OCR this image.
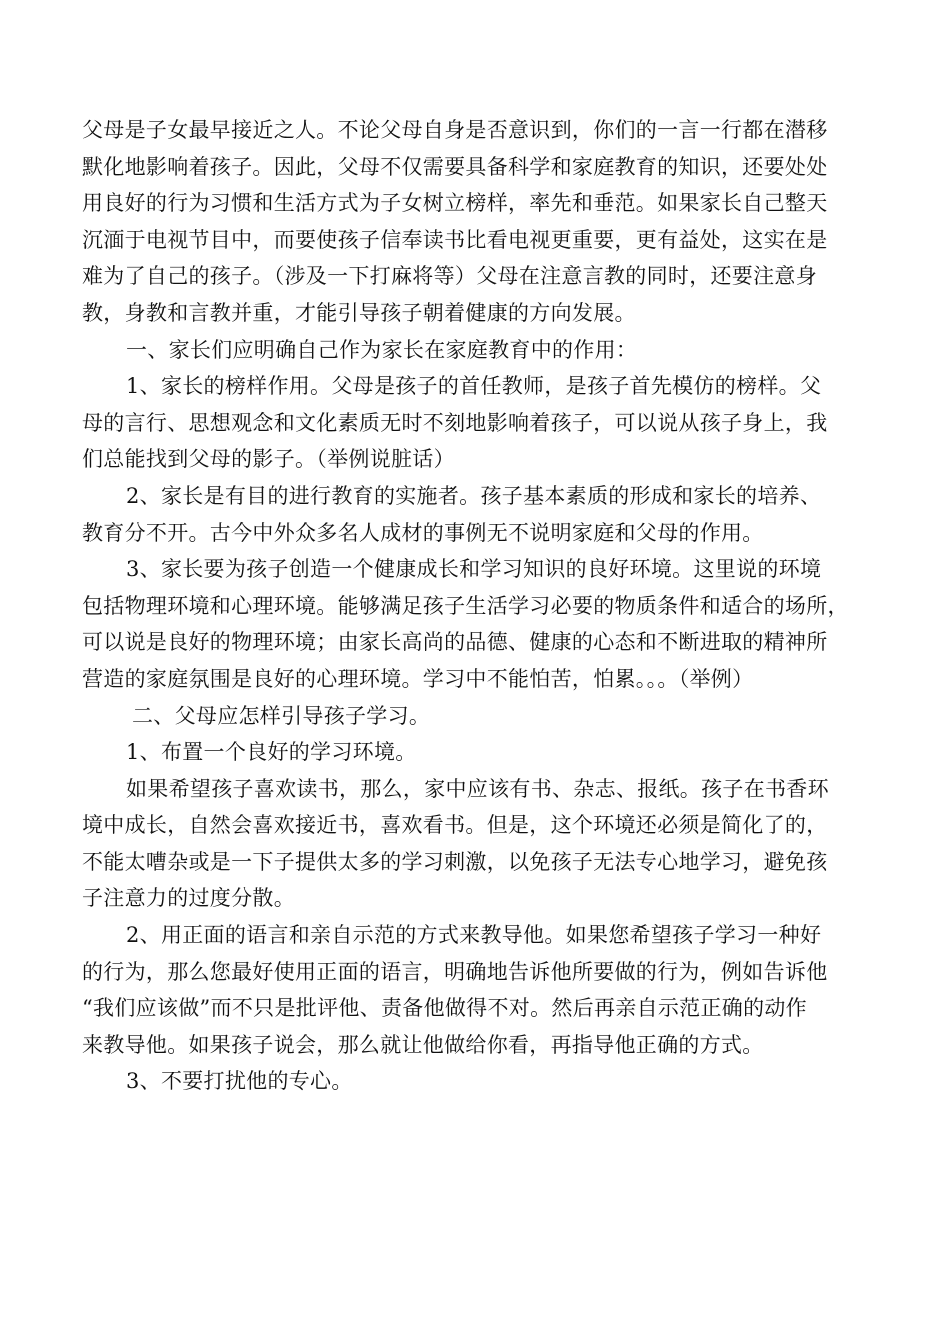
父母是子女最早接近之人。不论父母自身是否意识到，你们的一言一行都在潜移
默化地影响着孩子。因此，父母不仅需要具备科学和家庭教育的知识，还要处处
用良好的行为习惯和生活方式为子女树立榜样，率先和垂范。如果家长自己整天
沉湎于电视节目中，而要使孩子信奉读书比看电视更重要，更有益处，这实在是
难为了自己的孩子。（涉及一下打麻将等）父母在注意言教的同时，还要注意身
教，身教和言教并重，才能引导孩子朝着健康的方向发展。
一、家长们应明确自己作为家长在家庭教育中的作用：
1、家长的榜样作用。父母是孩子的首任教师，是孩子首先模仿的榜样。父
母的言行、思想观念和文化素质无时不刻地影响着孩子，可以说从孩子身上，我
们总能找到父母的影子。（举例说脏话）
2、家长是有目的进行教育的实施者。孩子基本素质的形成和家长的培养、
教育分不开。古今中外众多名人成材的事例无不说明家庭和父母的作用。
3、家长要为孩子创造一个健康成长和学习知识的良好环境。这里说的环境
包括物理环境和心理环境。能够满足孩子生活学习必要的物质条件和适合的场所，
可以说是良好的物理环境；由家长高尚的品德、健康的心态和不断进取的精神所
营造的家庭氛围是良好的心理环境。学习中不能怕苦，怕累。。。（举例）
二、父母应怎样引导孩子学习。
1、布置一个良好的学习环境。
如果希望孩子喜欢读书，那么，家中应该有书、杂志、报纸。孩子在书香环
境中成长，自然会喜欢接近书，喜欢看书。但是，这个环境还必须是简化了的，
不能太嘈杂或是一下子提供太多的学习刺激，以免孩子无法专心地学习，避免孩
子注意力的过度分散。
2、用正面的语言和亲自示范的方式来教导他。如果您希望孩子学习一种好
的行为，那么您最好使用正面的语言，明确地告诉他所要做的行为，例如告诉他
“我们应该做”而不只是批评他、责备他做得不对。然后再亲自示范正确的动作
来教导他。如果孩子说会，那么就让他做给你看，再指导他正确的方式。
3、不要打扰他的专心。
